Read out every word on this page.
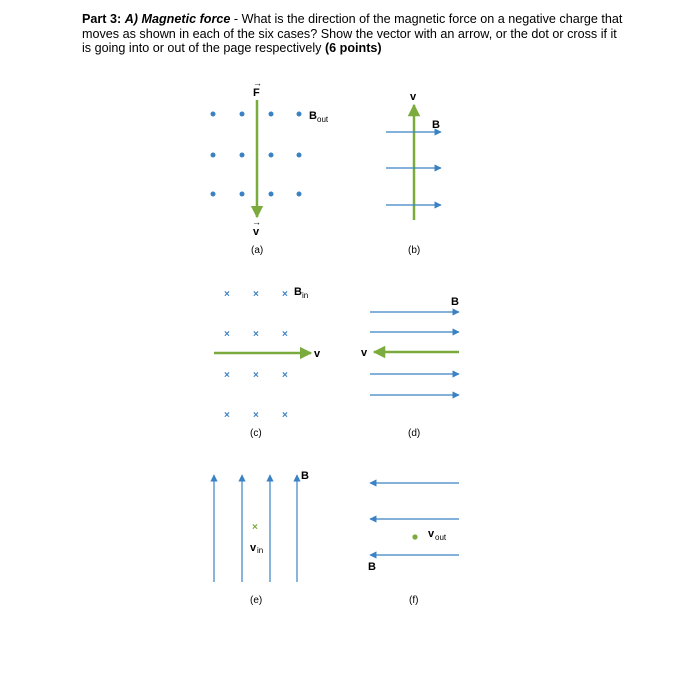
Part 3: A) Magnetic force - What is the direction of the magnetic force on a negative charge that moves as shown in each of the six cases? Show the vector with an arrow, or the dot or cross if it is going into or out of the page respectively (6 points)
F
→
v
→
B out
(a)
v
B
(b)
× × ×
× × ×
× × ×
× × ×
v
B in
(c)
v
B
(d)
×
v in
B
(e)
v out
B
(f)
